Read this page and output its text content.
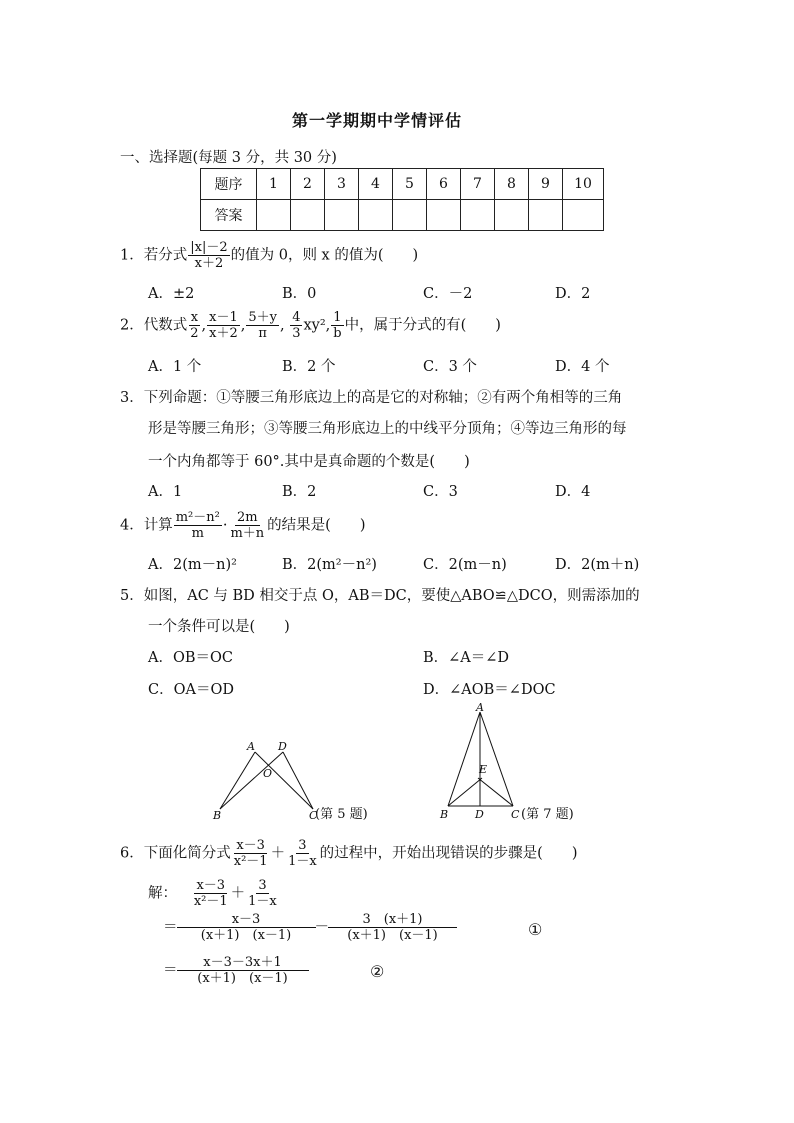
第一学期期中学情评估
一、选择题(每题 3 分，共 30 分)
题序	1	2	3	4	5	6	7	8	9	10
答案										
1．若分式 $\frac{|x|-2}{x+2}$ 的值为 0，则 x 的值为(　　)
A．±2	B．0	C．－2	D．2
2．代数式 $\frac{x}{2}$ , $\frac{x-1}{x+2}$ , $\frac{5+y}{\pi}$ , $\frac{4}{3} xy^2$, $\frac{1}{b}$ 中，属于分式的有(　　)
A．1 个	B．2 个	C．3 个	D．4 个
3．下列命题：①等腰三角形底边上的高是它的对称轴；②有两个角相等的三角
形是等腰三角形；③等腰三角形底边上的中线平分顶角；④等边三角形的每
一个内角都等于 60°.其中是真命题的个数是(　　)
A．1	B．2	C．3	D．4
4．计算 $\frac{\text{m²－n²}}{m} \cdot \frac{2m}{m+n}$ 的结果是(　　)
A．2(m－n)²	B．2(m²－n²)	C．2(m－n)	D．2(m＋n)
5．如图，AC 与 BD 相交于点 O，AB＝DC，要使△ABO≌△DCO，则需添加的
一个条件可以是(　　)
A．OB＝OC	B．∠A＝∠D
C．OA＝OD	D．∠AOB＝∠DOC
A D
O
B	C
(第 5 题)
A
E
B D C (第 7 题)
6．下面化简分式 $\frac{x-3}{\text{x²－1}} + \frac{3}{1-x}$ 的过程中，开始出现错误的步骤是(　　)
解： $\frac{x-3}{\text{x²－1}} + \frac{3}{1-x}$
＝ $\frac{x-3}{(x+1) (x-1)} - \frac{3 (x+1)}{(x+1) (x-1)}$	①
＝ $\frac{x-3-3x+1}{(x+1) (x-1)}$	②
